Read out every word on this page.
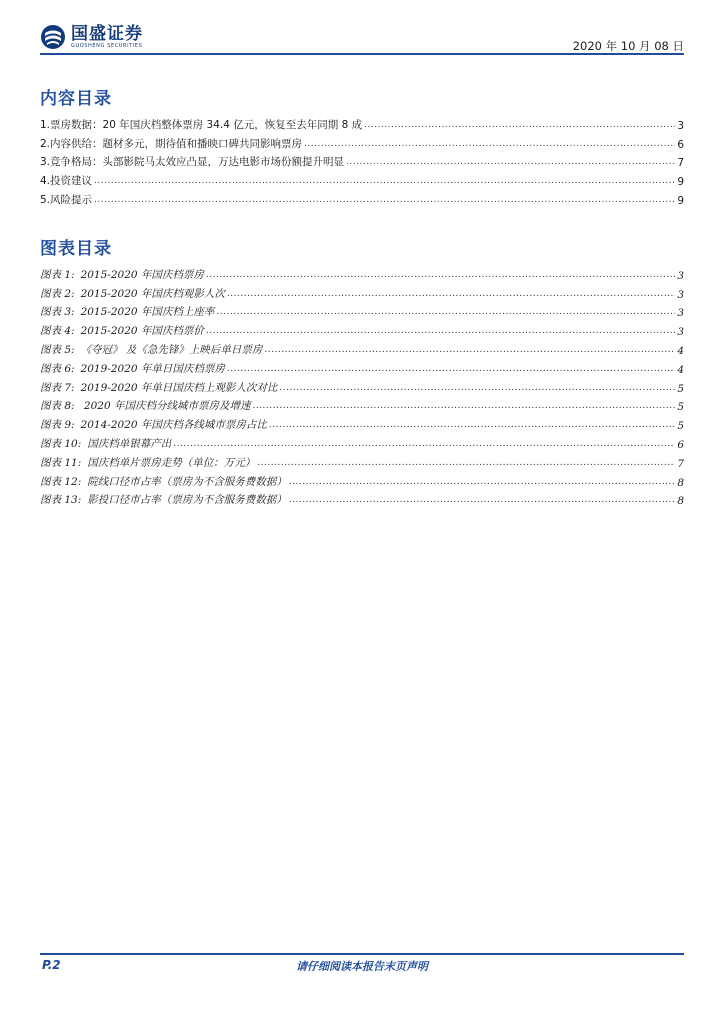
国盛证券
GUOSHENG SECURITIES	2020 年 10 月 08 日
内容目录
1.票房数据：20 年国庆档整体票房 34.4 亿元，恢复至去年同期 8 成 .....	3
2.内容供给：题材多元，期待值和播映口碑共同影响票房 .....	6
3.竞争格局：头部影院马太效应凸显，万达电影市场份额提升明显 .....	7
4.投资建议 .....	9
5.风险提示 .....	9
图表目录
图表 1: 2015-2020 年国庆档票房 .....	3
图表 2: 2015-2020 年国庆档观影人次 .....	3
图表 3: 2015-2020 年国庆档上座率 .....	3
图表 4: 2015-2020 年国庆档票价 .....	3
图表 5: 《夺冠》 及《急先锋》上映后单日票房 .....	4
图表 6: 2019-2020 年单日国庆档票房 .....	4
图表 7: 2019-2020 年单日国庆档上观影人次对比 .....	5
图表 8: 2020 年国庆档分线城市票房及增速 .....	5
图表 9: 2014-2020 年国庆档各线城市票房占比 .....	5
图表 10: 国庆档单银幕产出 .....	6
图表 11: 国庆档单片票房走势（单位：万元） .....	7
图表 12: 院线口径市占率（票房为不含服务费数据） .....	8
图表 13: 影投口径市占率（票房为不含服务费数据） .....	8
P.2	请仔细阅读本报告末页声明
